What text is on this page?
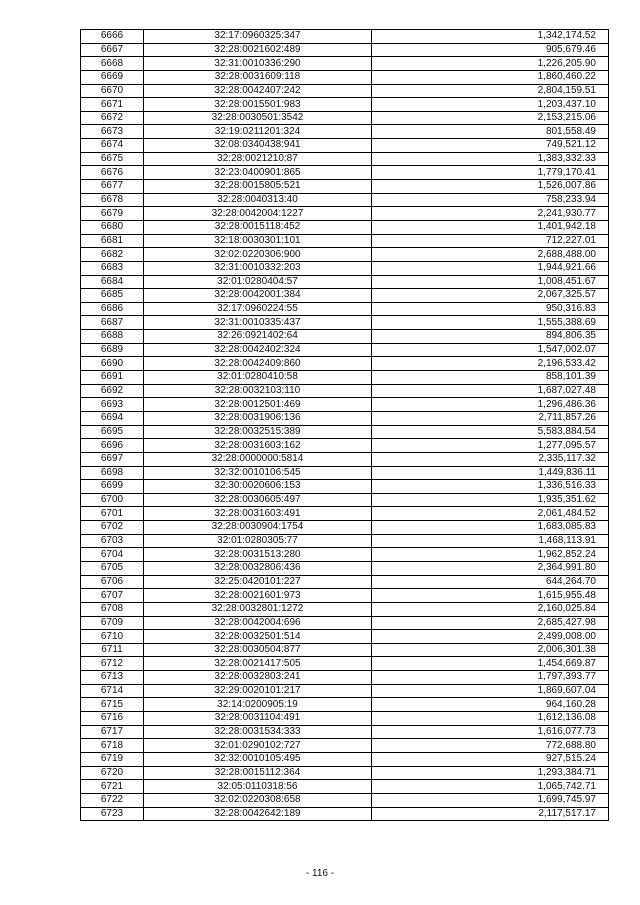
6666	32:17:0960325:347	1,342,174.52
6667	32:28:0021602:489	905,679.46
6668	32:31:0010336:290	1,226,205.90
6669	32:28:0031609:118	1,860,460.22
6670	32:28:0042407:242	2,804,159.51
6671	32:28:0015501:983	1,203,437.10
6672	32:28:0030501:3542	2,153,215.06
6673	32:19:0211201:324	801,558.49
6674	32:08:0340438:941	749,521.12
6675	32:28:0021210:87	1,383,332.33
6676	32:23:0400901:865	1,779,170.41
6677	32:28:0015805:521	1,526,007.86
6678	32:28:0040313:40	758,233.94
6679	32:28:0042004:1227	2,241,930.77
6680	32:28:0015118:452	1,401,942.18
6681	32:18:0030301:101	712,227.01
6682	32:02:0220306:900	2,688,488.00
6683	32:31:0010332:203	1,944,921.66
6684	32:01:0280404:57	1,008,451.67
6685	32:28:0042001:384	2,067,325.57
6686	32:17:0960224:55	950,316.83
6687	32:31:0010335:437	1,555,388.69
6688	32:26:0921402:64	894,806.35
6689	32:28:0042402:324	1,547,002.07
6690	32:28:0042409:860	2,196,533.42
6691	32:01:0280410:58	858,101.39
6692	32:28:0032103:110	1,687,027.48
6693	32:28:0012501:469	1,296,486.36
6694	32:28:0031906:136	2,711,857.26
6695	32:28:0032515:389	5,583,884.54
6696	32:28:0031603:162	1,277,095.57
6697	32:28:0000000:5814	2,335,117.32
6698	32:32:0010106:545	1,449,836.11
6699	32:30:0020606:153	1,336,516.33
6700	32:28:0030605:497	1,935,351.62
6701	32:28:0031603:491	2,061,484.52
6702	32:28:0030904:1754	1,683,085.83
6703	32:01:0280305:77	1,468,113.91
6704	32:28:0031513:280	1,962,852.24
6705	32:28:0032806:436	2,364,991.80
6706	32:25:0420101:227	644,264.70
6707	32:28:0021601:973	1,615,955.48
6708	32:28:0032801:1272	2,160,025.84
6709	32:28:0042004:696	2,685,427.98
6710	32:28:0032501:514	2,499,008.00
6711	32:28:0030504:877	2,006,301.38
6712	32:28:0021417:505	1,454,669.87
6713	32:28:0032803:241	1,797,393.77
6714	32:29:0020101:217	1,869,607.04
6715	32:14:0200905:19	964,160.28
6716	32:28:0031104:491	1,612,136.08
6717	32:28:0031534:333	1,616,077.73
6718	32:01:0290102:727	772,688.80
6719	32:32:0010105:495	927,515.24
6720	32:28:0015112:364	1,293,384.71
6721	32:05:0110318:56	1,065,742.71
6722	32:02:0220308:658	1,699,745.97
6723	32:28:0042642:189	2,117,517.17
- 116 -
